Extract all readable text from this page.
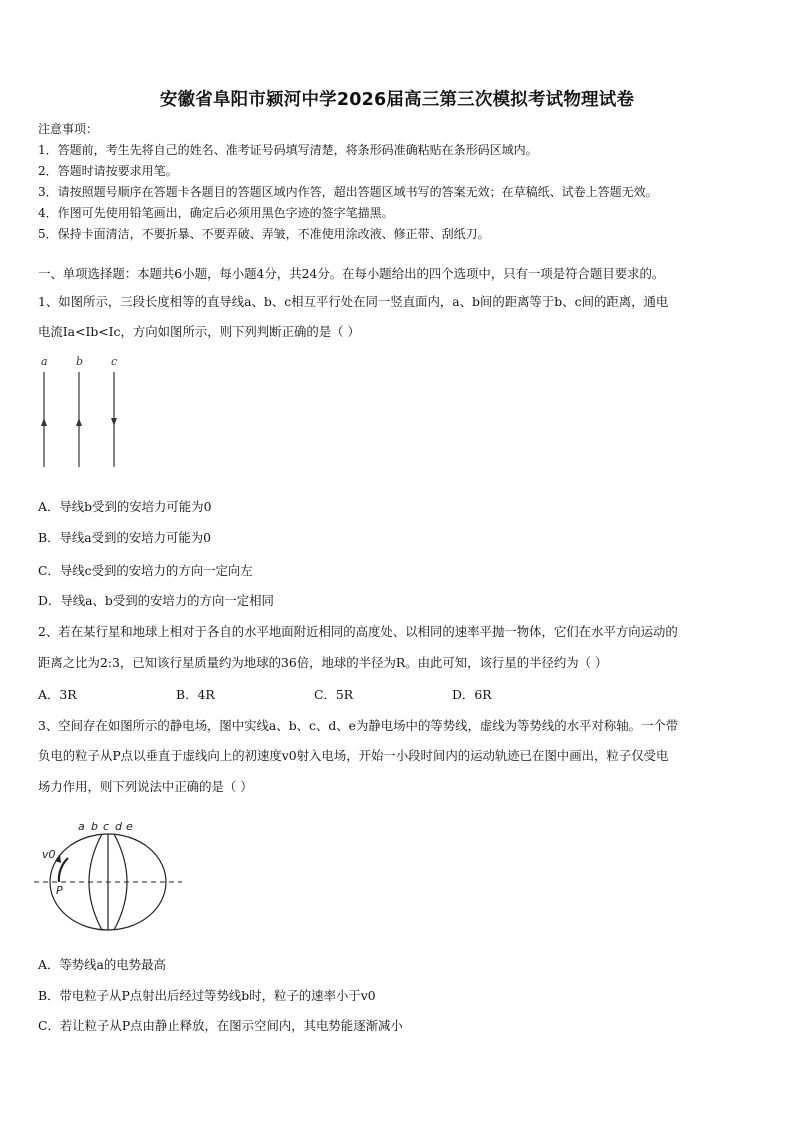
安徽省阜阳市颍河中学2026届高三第三次模拟考试物理试卷
注意事项：
1．答题前，考生先将自己的姓名、准考证号码填写清楚，将条形码准确粘贴在条形码区域内。
2．答题时请按要求用笔。
3．请按照题号顺序在答题卡各题目的答题区域内作答，超出答题区域书写的答案无效；在草稿纸、试卷上答题无效。
4．作图可先使用铅笔画出，确定后必须用黑色字迹的签字笔描黑。
5．保持卡面清洁，不要折暴、不要弄破、弄皱，不准使用涂改液、修正带、刮纸刀。
一、单项选择题：本题共6小题，每小题4分，共24分。在每小题给出的四个选项中，只有一项是符合题目要求的。
1、如图所示，三段长度相等的直导线a、b、c相互平行处在同一竖直面内，a、b间的距离等于b、c间的距离，通电
电流Ia<Ib<Ic，方向如图所示，则下列判断正确的是（ ）
a	b	c
A．导线b受到的安培力可能为0
B．导线a受到的安培力可能为0
C．导线c受到的安培力的方向一定向左
D．导线a、b受到的安培力的方向一定相同
2、若在某行星和地球上相对于各自的水平地面附近相同的高度处、以相同的速率平抛一物体，它们在水平方向运动的
距离之比为2:3，已知该行星质量约为地球的36倍，地球的半径为R。由此可知，该行星的半径约为（ ）
A．3R	B．4R	C．5R	D．6R
3、空间存在如图所示的静电场，图中实线a、b、c、d、e为静电场中的等势线，虚线为等势线的水平对称轴。一个带
负电的粒子从P点以垂直于虚线向上的初速度v0射入电场，开始一小段时间内的运动轨迹已在图中画出，粒子仅受电
场力作用，则下列说法中正确的是（ ）
a b c d e
v0
P
A．等势线a的电势最高
B．带电粒子从P点射出后经过等势线b时，粒子的速率小于v0
C．若让粒子从P点由静止释放，在图示空间内，其电势能逐渐减小
